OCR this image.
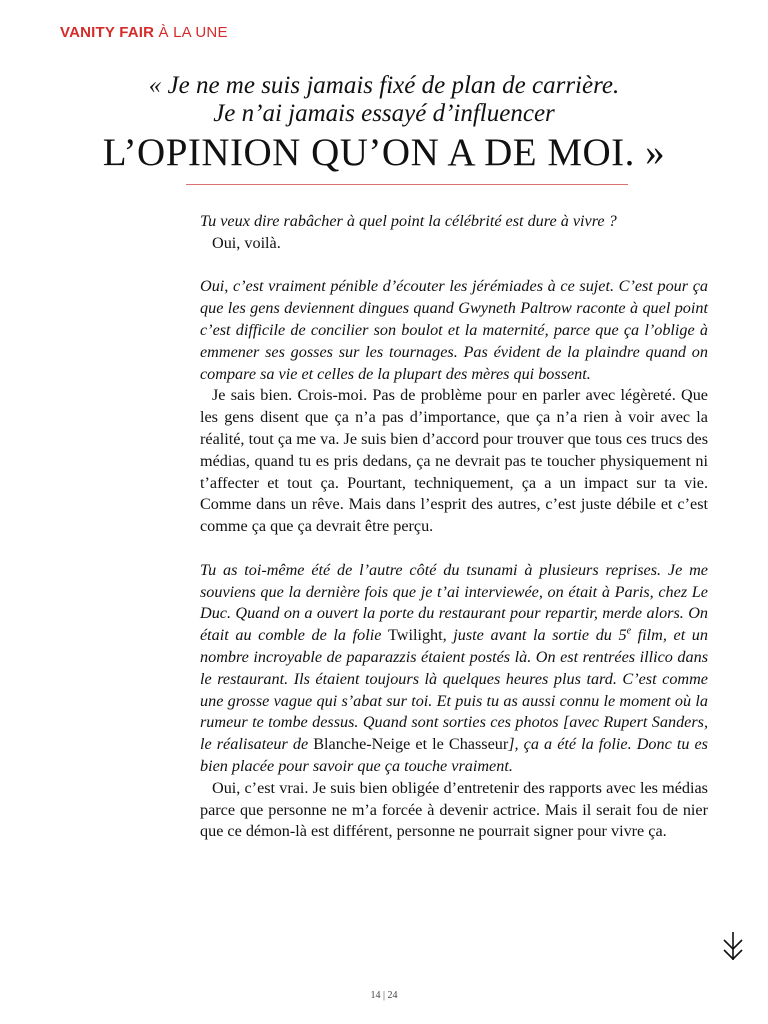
VANITY FAIR À LA UNE
« Je ne me suis jamais fixé de plan de carrière.
Je n’ai jamais essayé d’influencer
L’OPINION QU’ON A DE MOI. »

Tu veux dire rabâcher à quel point la célébrité est dure à vivre ?

Oui, voilà.

Oui, c’est vraiment pénible d’écouter les jérémiades à ce sujet. C’est pour ça que les gens deviennent dingues quand Gwyneth Paltrow raconte à quel point c’est difficile de concilier son boulot et la maternité, parce que ça l’oblige à emmener ses gosses sur les tournages. Pas évident de la plaindre quand on compare sa vie et celles de la plupart des mères qui bossent.

Je sais bien. Crois-moi. Pas de problème pour en parler avec légèreté. Que les gens disent que ça n’a pas d’importance, que ça n’a rien à voir avec la réalité, tout ça me va. Je suis bien d’accord pour trouver que tous ces trucs des médias, quand tu es pris dedans, ça ne devrait pas te toucher physiquement ni t’affecter et tout ça. Pourtant, techniquement, ça a un impact sur ta vie. Comme dans un rêve. Mais dans l’esprit des autres, c’est juste débile et c’est comme ça que ça devrait être perçu.

Tu as toi-même été de l’autre côté du tsunami à plusieurs reprises. Je me souviens que la dernière fois que je t’ai interviewée, on était à Paris, chez Le Duc. Quand on a ouvert la porte du restaurant pour repartir, merde alors. On était au comble de la folie Twilight, juste avant la sortie du 5e film, et un nombre incroyable de paparazzis étaient postés là. On est rentrées illico dans le restaurant. Ils étaient toujours là quelques heures plus tard. C’est comme une grosse vague qui s’abat sur toi. Et puis tu as aussi connu le moment où la rumeur te tombe dessus. Quand sont sorties ces photos [avec Rupert Sanders, le réalisateur de Blanche-Neige et le Chasseur], ça a été la folie. Donc tu es bien placée pour savoir que ça touche vraiment.

Oui, c’est vrai. Je suis bien obligée d’entretenir des rapports avec les médias parce que personne ne m’a forcée à devenir actrice. Mais il serait fou de nier que ce démon-là est différent, personne ne pourrait signer pour vivre ça.

14 | 24
